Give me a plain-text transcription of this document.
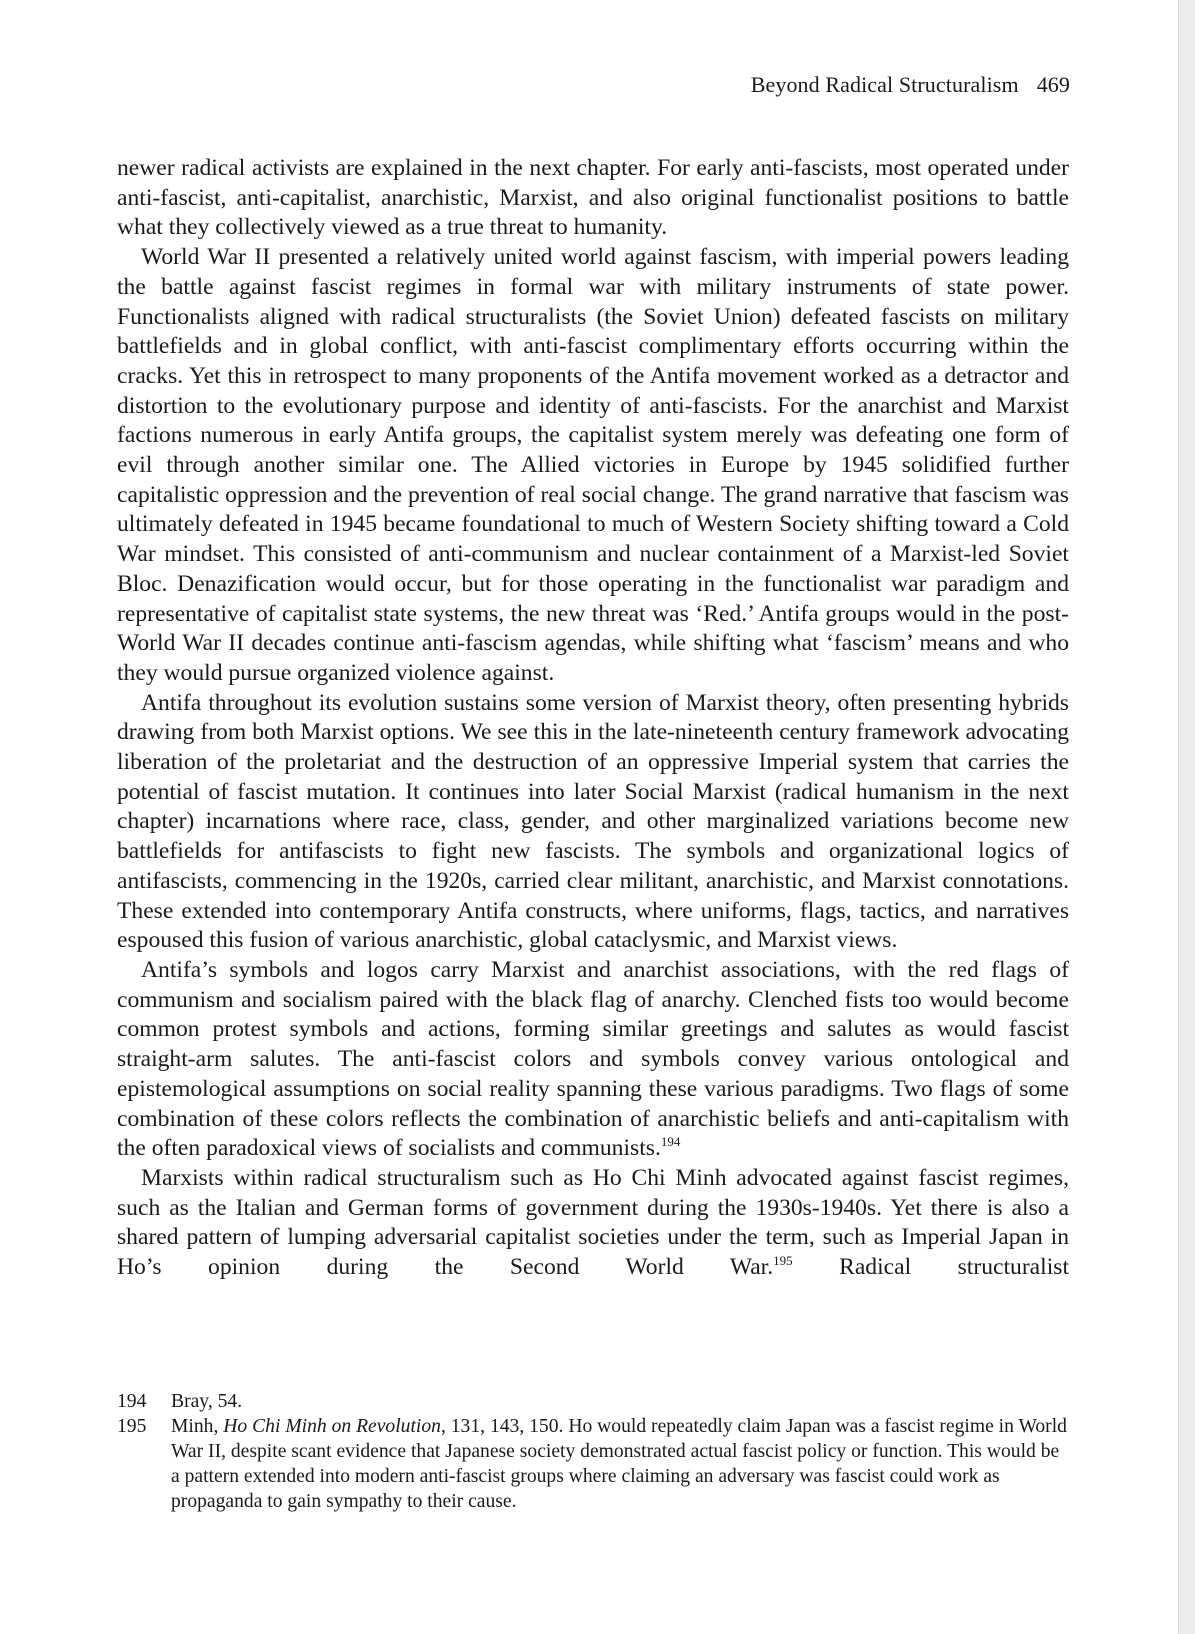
Beyond Radical Structuralism 469

newer radical activists are explained in the next chapter. For early anti-fascists, most operated under anti-fascist, anti-capitalist, anarchistic, Marxist, and also original functionalist positions to battle what they collectively viewed as a true threat to humanity.

World War II presented a relatively united world against fascism, with imperial powers leading the battle against fascist regimes in formal war with military instruments of state power. Functionalists aligned with radical structuralists (the Soviet Union) defeated fascists on military battlefields and in global conflict, with anti-fascist complimentary efforts occurring within the cracks. Yet this in retrospect to many proponents of the Antifa movement worked as a detractor and distortion to the evolutionary purpose and identity of anti-fascists. For the anarchist and Marxist factions numerous in early Antifa groups, the capitalist system merely was defeating one form of evil through another similar one. The Allied victories in Europe by 1945 solidified further capitalistic oppression and the prevention of real social change. The grand narrative that fascism was ultimately defeated in 1945 became foundational to much of Western Society shifting toward a Cold War mindset. This consisted of anti-communism and nuclear containment of a Marxist-led Soviet Bloc. Denazification would occur, but for those operating in the functionalist war paradigm and representative of capitalist state systems, the new threat was ‘Red.’ Antifa groups would in the post-World War II decades continue anti-fascism agendas, while shifting what ‘fascism’ means and who they would pursue organized violence against.

Antifa throughout its evolution sustains some version of Marxist theory, often presenting hybrids drawing from both Marxist options. We see this in the late-nineteenth century framework advocating liberation of the proletariat and the destruction of an oppressive Imperial system that carries the potential of fascist mutation. It continues into later Social Marxist (radical humanism in the next chapter) incarnations where race, class, gender, and other marginalized variations become new battlefields for antifascists to fight new fascists. The symbols and organizational logics of antifascists, commencing in the 1920s, carried clear militant, anarchistic, and Marxist connotations. These extended into contemporary Antifa constructs, where uniforms, flags, tactics, and narratives espoused this fusion of various anarchistic, global cataclysmic, and Marxist views.

Antifa’s symbols and logos carry Marxist and anarchist associations, with the red flags of communism and socialism paired with the black flag of anarchy. Clenched fists too would become common protest symbols and actions, forming similar greetings and salutes as would fascist straight-arm salutes. The anti-fascist colors and symbols convey various ontological and epistemological assumptions on social reality spanning these various paradigms. Two flags of some combination of these colors reflects the combination of anarchistic beliefs and anti-capitalism with the often paradoxical views of socialists and communists.$^{194}$

Marxists within radical structuralism such as Ho Chi Minh advocated against fascist regimes, such as the Italian and German forms of government during the 1930s-1940s. Yet there is also a shared pattern of lumping adversarial capitalist societies under the term, such as Imperial Japan in Ho’s opinion during the Second World War.$^{195}$ Radical structuralist

194	Bray, 54.
195	Minh, Ho Chi Minh on Revolution, 131, 143, 150. Ho would repeatedly claim Japan was a fascist regime in World War II, despite scant evidence that Japanese society demonstrated actual fascist policy or function. This would be a pattern extended into modern anti-fascist groups where claiming an adversary was fascist could work as propaganda to gain sympathy to their cause.
